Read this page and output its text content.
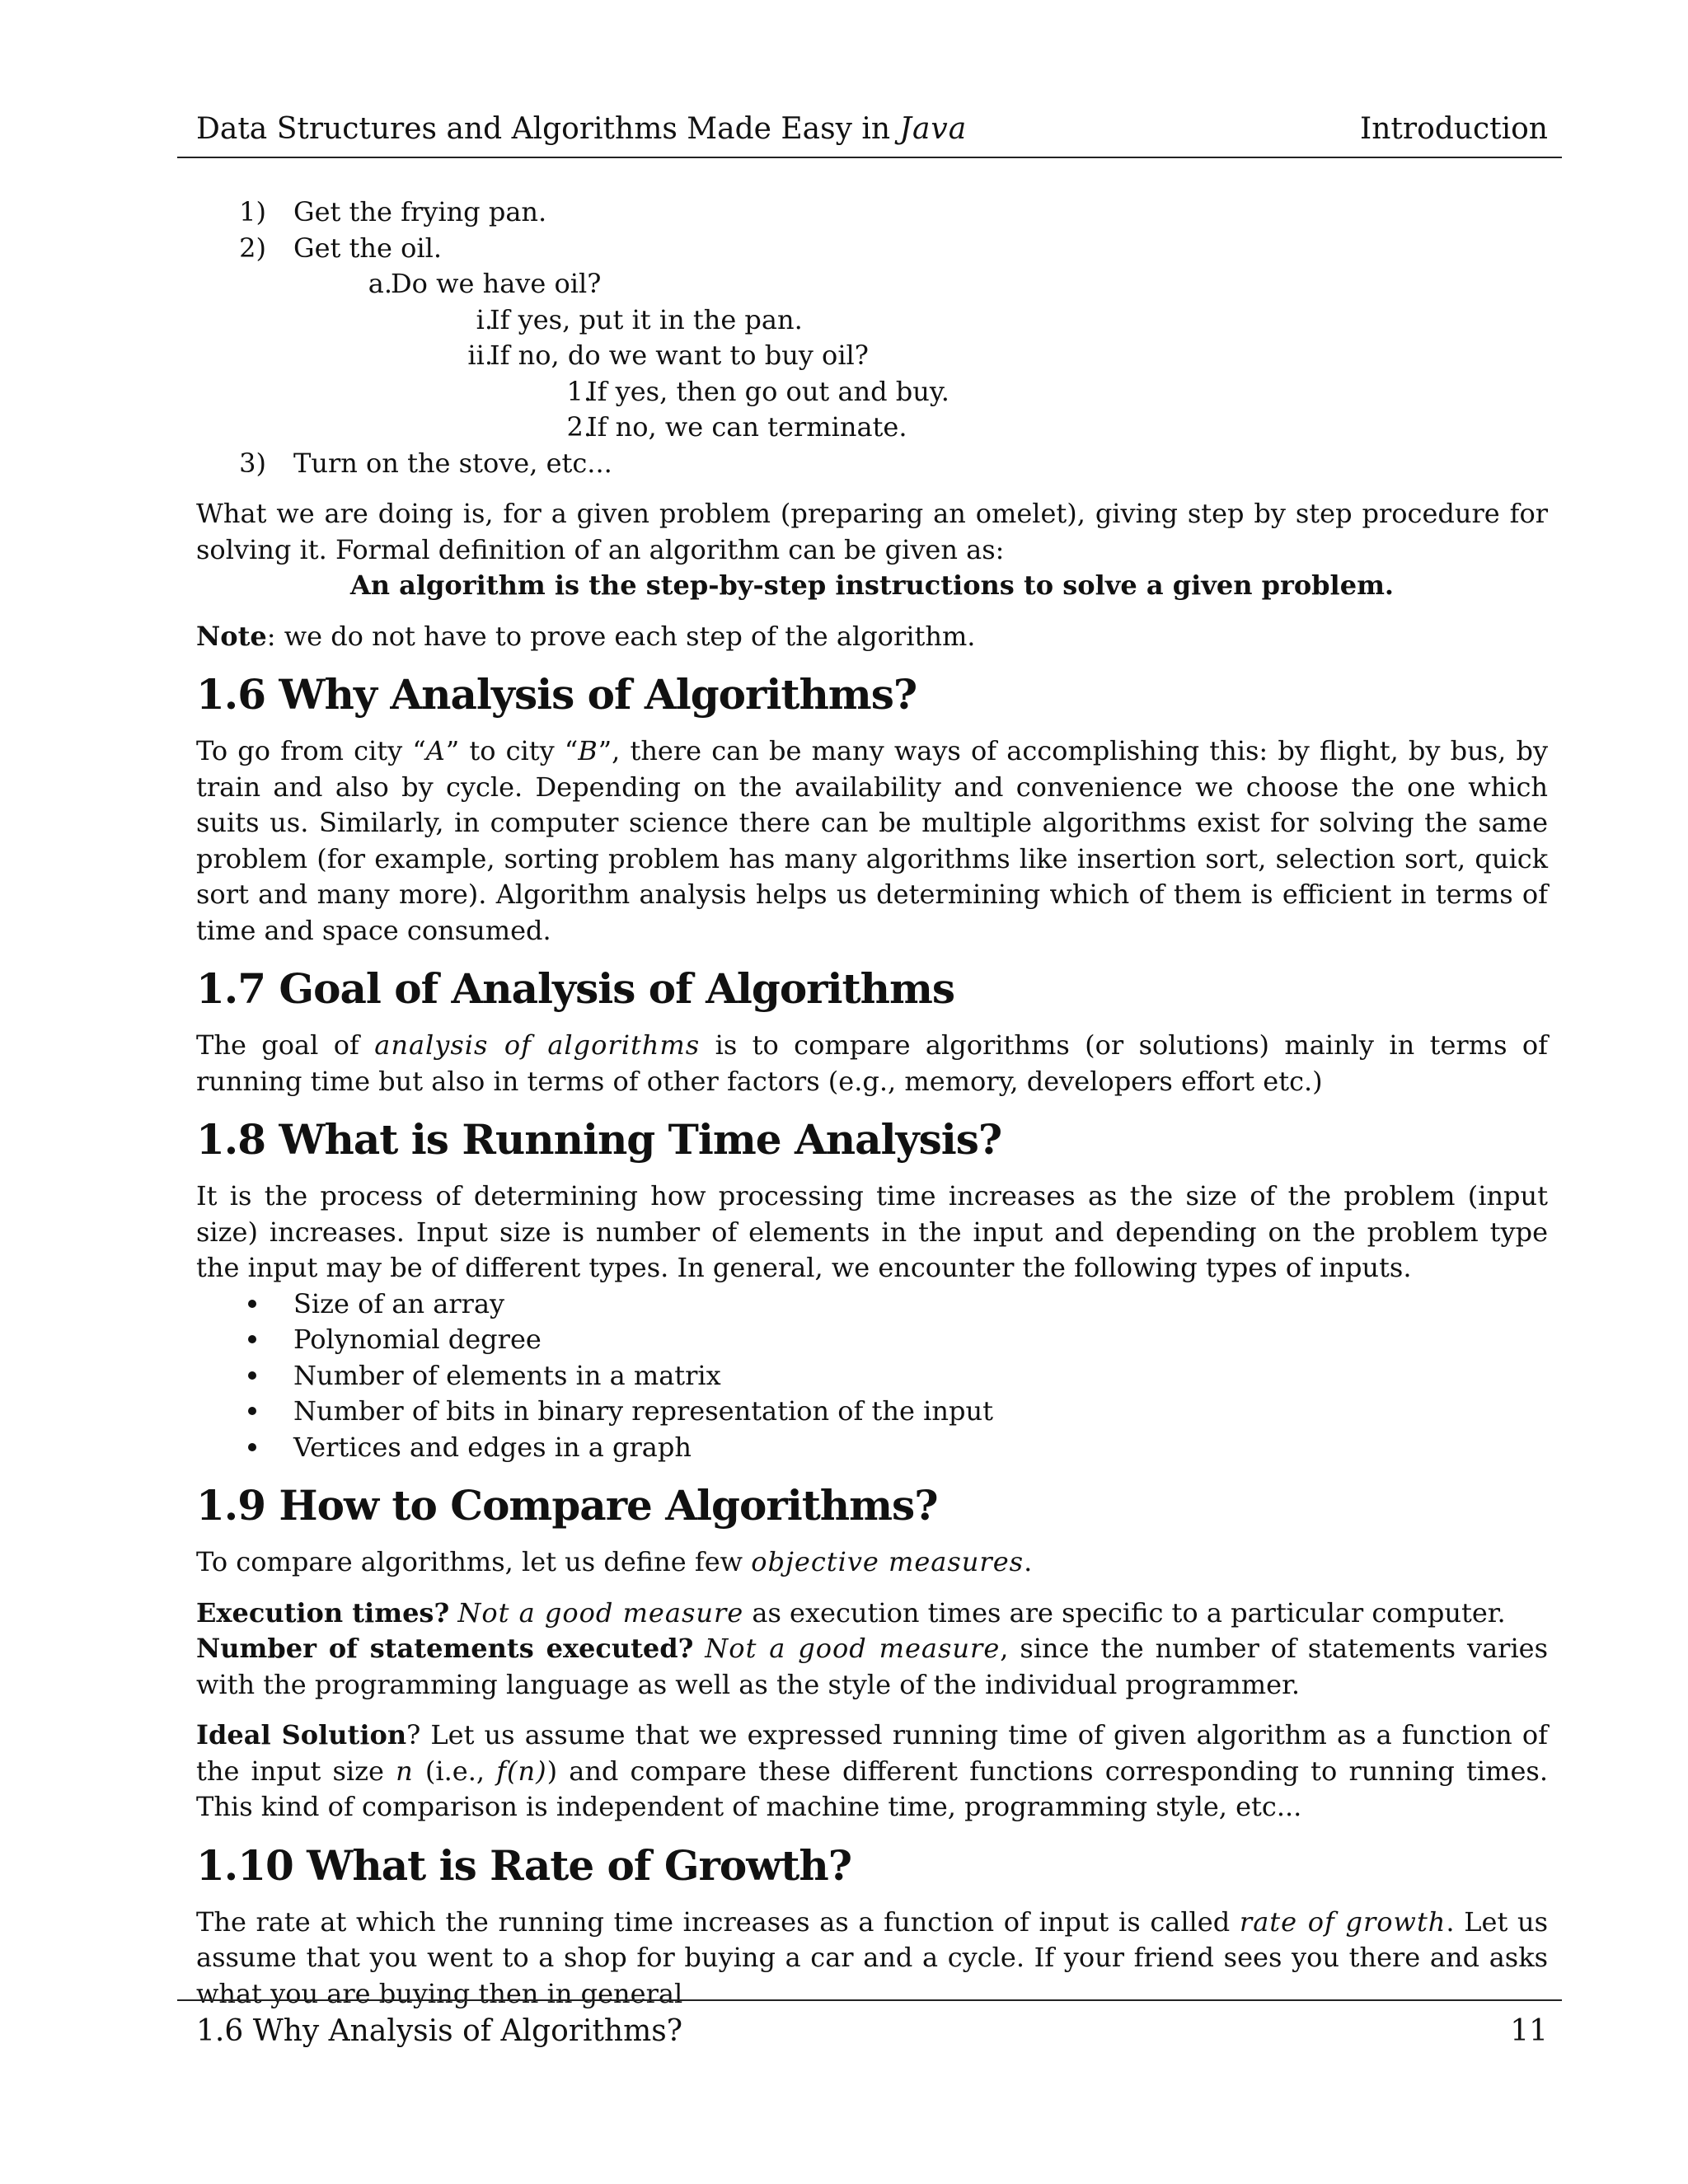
Data Structures and Algorithms Made Easy in Java	Introduction
1) Get the frying pan.
2) Get the oil.
a.
Do we have oil?
i.
If yes, put it in the pan.
ii.
If no, do we want to buy oil?
1.
If yes, then go out and buy.
2.
If no, we can terminate.
3) Turn on the stove, etc...

What we are doing is, for a given problem (preparing an omelet), giving step by step procedure for solving it. Formal definition of an algorithm can be given as:

An algorithm is the step-by-step instructions to solve a given problem.

Note: we do not have to prove each step of the algorithm.

1.6 Why Analysis of Algorithms?

To go from city “A” to city “B”, there can be many ways of accomplishing this: by flight, by bus, by train and also by cycle. Depending on the availability and convenience we choose the one which suits us. Similarly, in computer science there can be multiple algorithms exist for solving the same problem (for example, sorting problem has many algorithms like insertion sort, selection sort, quick sort and many more). Algorithm analysis helps us determining which of them is efficient in terms of time and space consumed.

1.7 Goal of Analysis of Algorithms

The goal of analysis of algorithms is to compare algorithms (or solutions) mainly in terms of running time but also in terms of other factors (e.g., memory, developers effort etc.)

1.8 What is Running Time Analysis?

It is the process of determining how processing time increases as the size of the problem (input size) increases. Input size is number of elements in the input and depending on the problem type the input may be of different types. In general, we encounter the following types of inputs.

Size of an array
Polynomial degree
Number of elements in a matrix
Number of bits in binary representation of the input
Vertices and edges in a graph
1.9 How to Compare Algorithms?

To compare algorithms, let us define few objective measures.

Execution times? Not a good measure as execution times are specific to a particular computer.

Number of statements executed? Not a good measure, since the number of statements varies with the programming language as well as the style of the individual programmer.

Ideal Solution? Let us assume that we expressed running time of given algorithm as a function of the input size n (i.e., f(n)) and compare these different functions corresponding to running times. This kind of comparison is independent of machine time, programming style, etc...

1.10 What is Rate of Growth?

The rate at which the running time increases as a function of input is called rate of growth. Let us assume that you went to a shop for buying a car and a cycle. If your friend sees you there and asks what you are buying then in general

1.6 Why Analysis of Algorithms?	11
